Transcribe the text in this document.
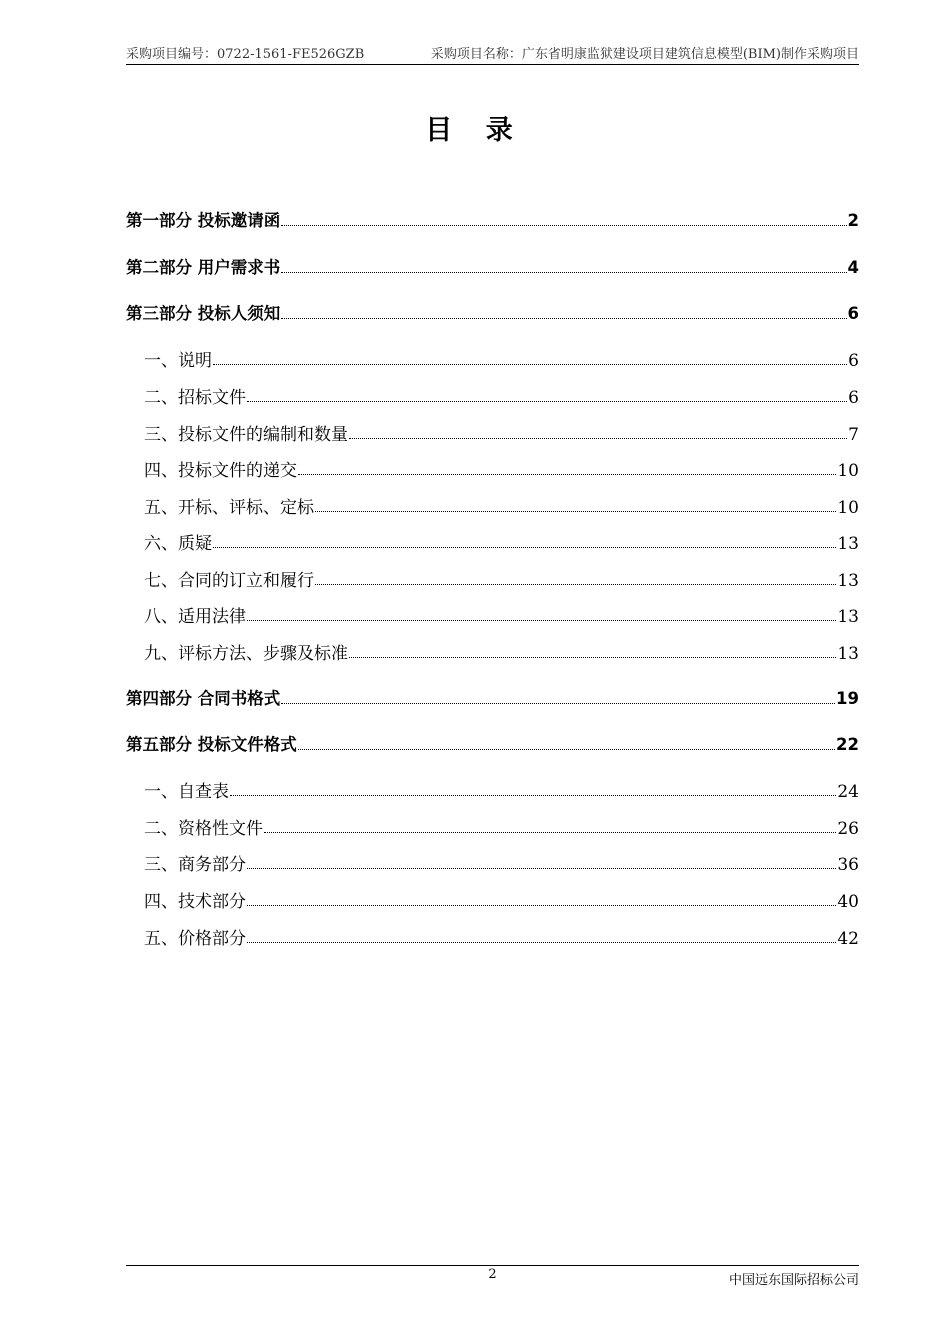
采购项目编号：0722-1561-FE526GZB	采购项目名称：广东省明康监狱建设项目建筑信息模型(BIM)制作采购项目
目 录
第一部分 投标邀请函	2
第二部分 用户需求书	4
第三部分 投标人须知	6
一、说明	6
二、招标文件	6
三、投标文件的编制和数量	7
四、投标文件的递交	10
五、开标、评标、定标	10
六、质疑	13
七、合同的订立和履行	13
八、适用法律	13
九、评标方法、步骤及标准	13
第四部分 合同书格式	19
第五部分 投标文件格式	22
一、自查表	24
二、资格性文件	26
三、商务部分	36
四、技术部分	40
五、价格部分	42
2	中国远东国际招标公司
